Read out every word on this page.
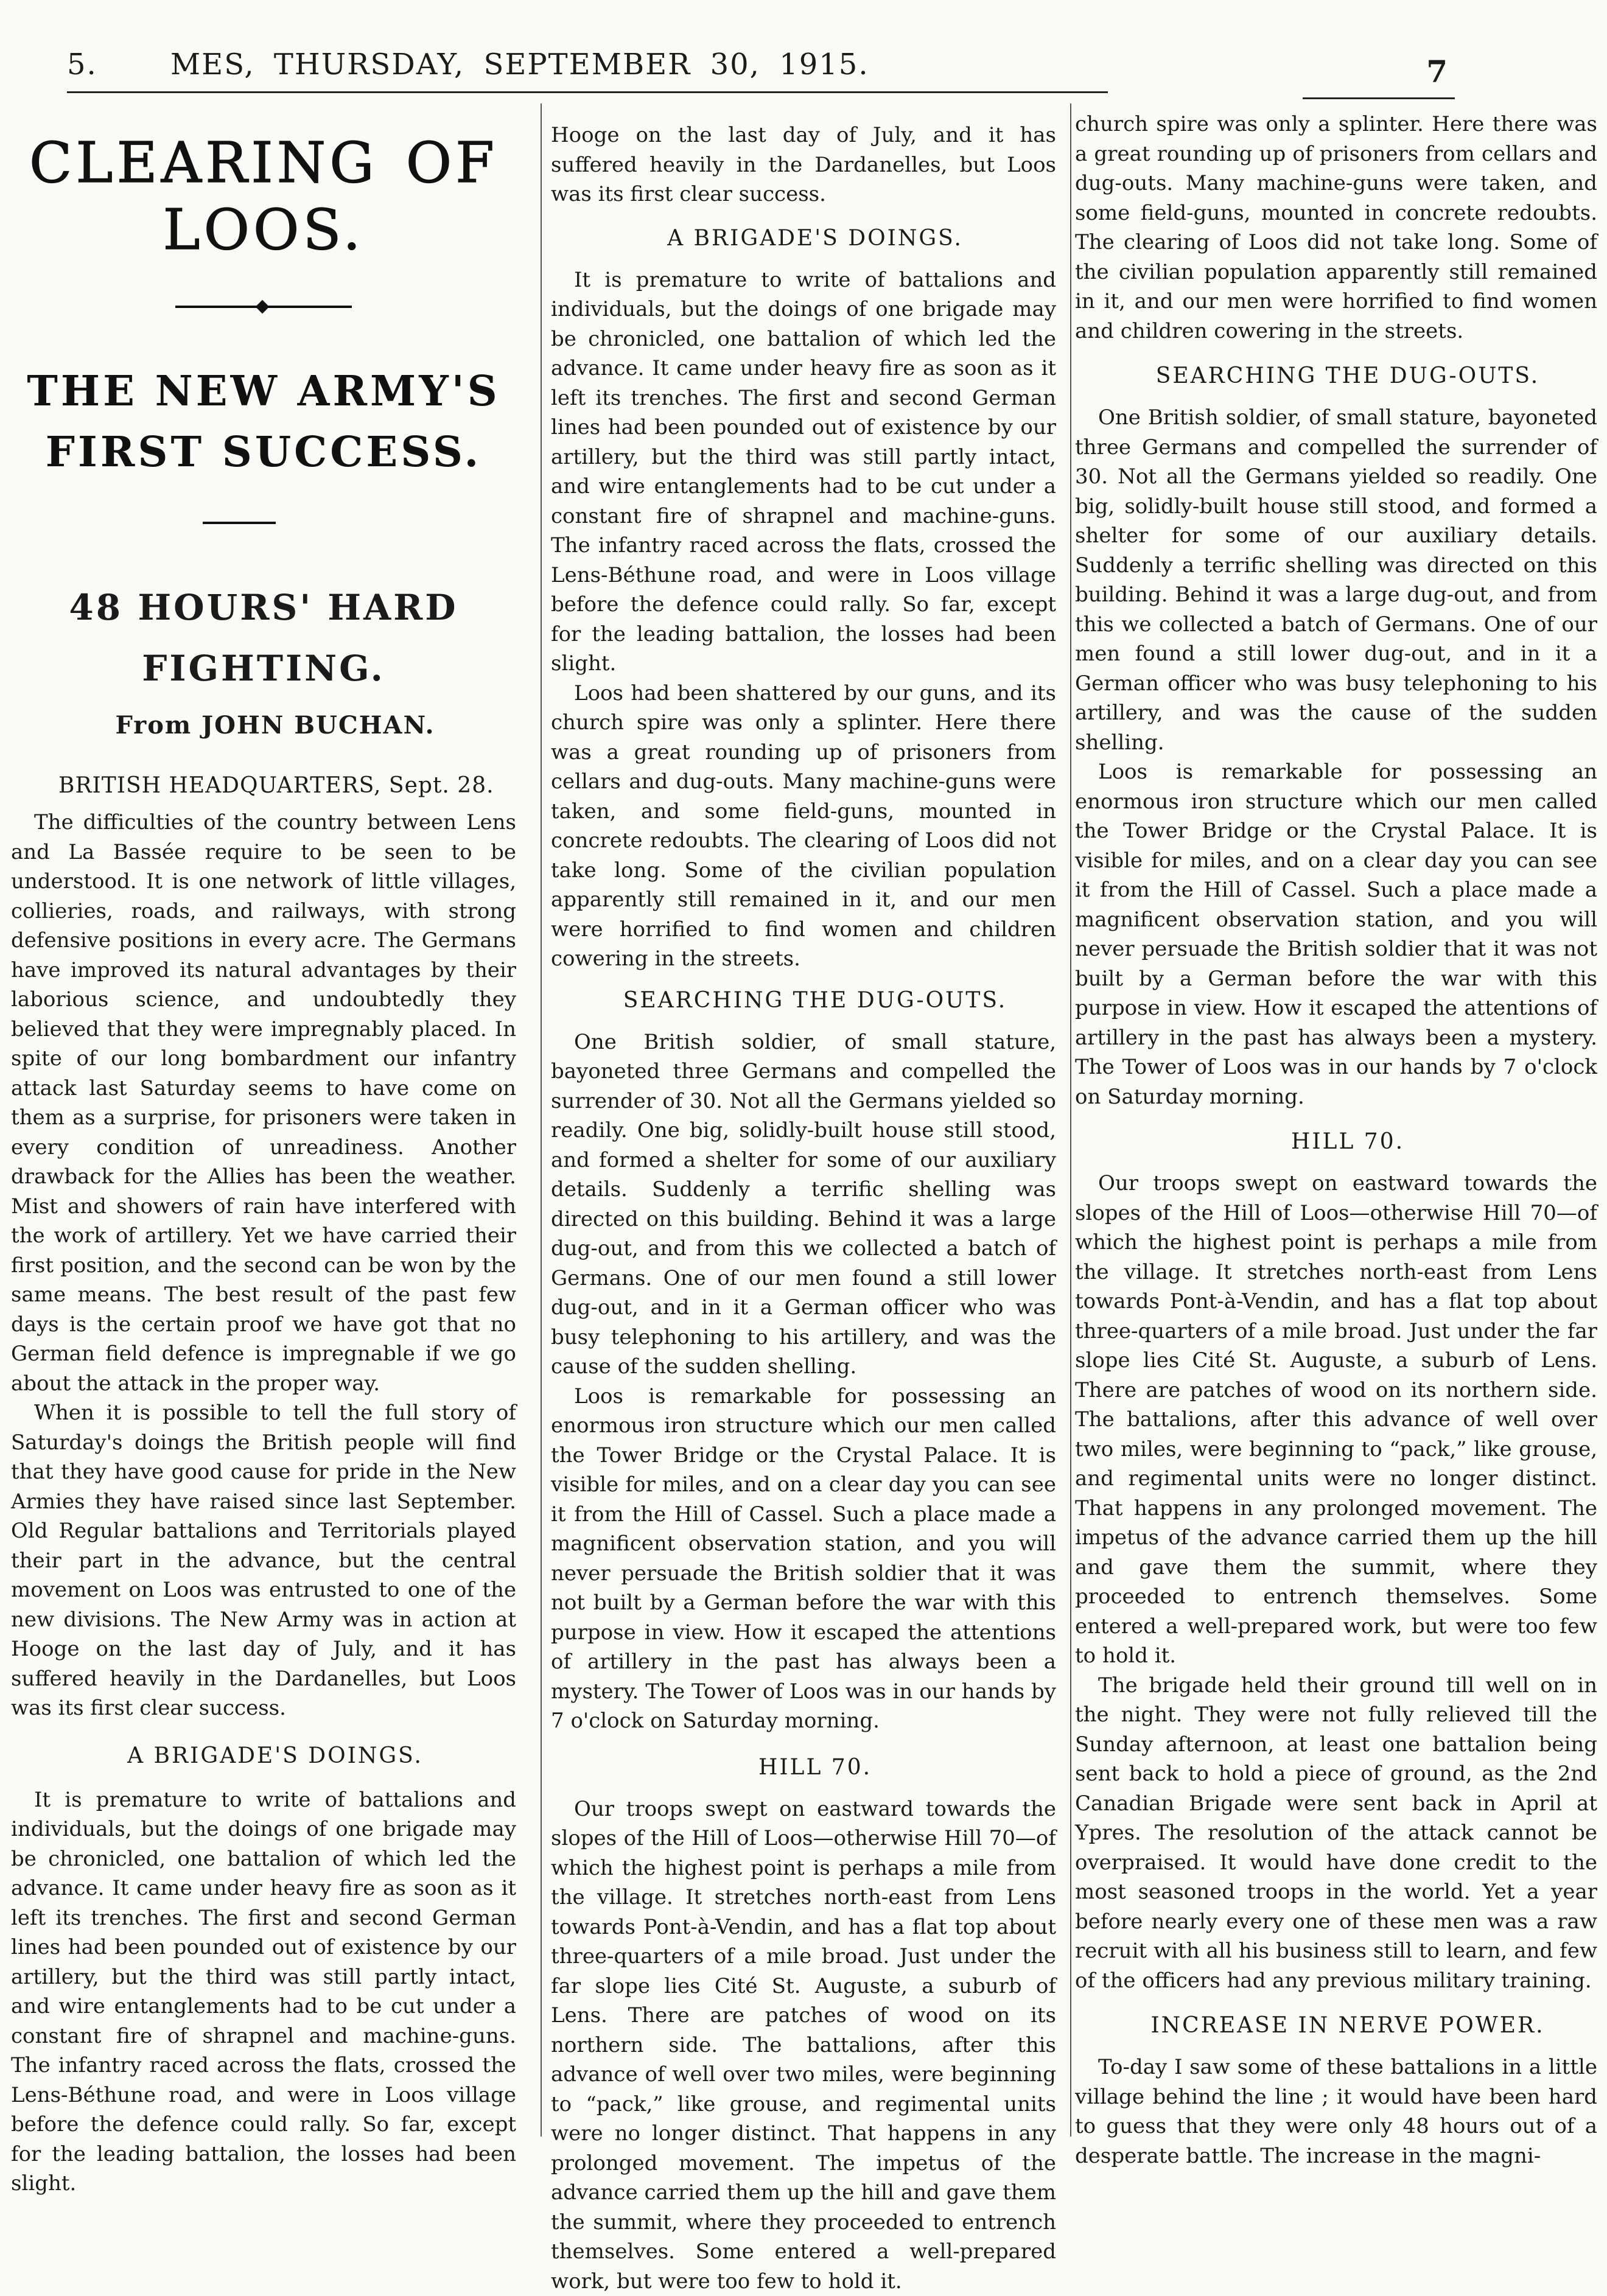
5.	MES, THURSDAY, SEPTEMBER 30, 1915.	7
CLEARING OF
LOOS.
THE NEW ARMY'S
FIRST SUCCESS.
48 HOURS' HARD
FIGHTING.

From JOHN BUCHAN.

BRITISH HEADQUARTERS, Sept. 28.

The difficulties of the country between Lens and La Bassée require to be seen to be understood. It is one network of little villages, collieries, roads, and railways, with strong defensive positions in every acre. The Germans have improved its natural advantages by their laborious science, and undoubtedly they believed that they were impregnably placed. In spite of our long bombardment our infantry attack last Saturday seems to have come on them as a surprise, for prisoners were taken in every condition of unreadiness. Another drawback for the Allies has been the weather. Mist and showers of rain have interfered with the work of artillery. Yet we have carried their first position, and the second can be won by the same means. The best result of the past few days is the certain proof we have got that no German field defence is impregnable if we go about the attack in the proper way.

When it is possible to tell the full story of Saturday's doings the British people will find that they have good cause for pride in the New Armies they have raised since last September. Old Regular battalions and Territorials played their part in the advance, but the central movement on Loos was entrusted to one of the new divisions. The New Army was in action at Hooge on the last day of July, and it has suffered heavily in the Dardanelles, but Loos was its first clear success.

A BRIGADE'S DOINGS.

It is premature to write of battalions and individuals, but the doings of one brigade may be chronicled, one battalion of which led the advance. It came under heavy fire as soon as it left its trenches. The first and second German lines had been pounded out of existence by our artillery, but the third was still partly intact, and wire entanglements had to be cut under a constant fire of shrapnel and machine-guns. The infantry raced across the flats, crossed the Lens-Béthune road, and were in Loos village before the defence could rally. So far, except for the leading battalion, the losses had been slight.

Hooge on the last day of July, and it has suffered heavily in the Dardanelles, but Loos was its first clear success.

A BRIGADE'S DOINGS.

It is premature to write of battalions and individuals, but the doings of one brigade may be chronicled, one battalion of which led the advance. It came under heavy fire as soon as it left its trenches. The first and second German lines had been pounded out of existence by our artillery, but the third was still partly intact, and wire entanglements had to be cut under a constant fire of shrapnel and machine-guns. The infantry raced across the flats, crossed the Lens-Béthune road, and were in Loos village before the defence could rally. So far, except for the leading battalion, the losses had been slight.

Loos had been shattered by our guns, and its church spire was only a splinter. Here there was a great rounding up of prisoners from cellars and dug-outs. Many machine-guns were taken, and some field-guns, mounted in concrete redoubts. The clearing of Loos did not take long. Some of the civilian population apparently still remained in it, and our men were horrified to find women and children cowering in the streets.

SEARCHING THE DUG-OUTS.

One British soldier, of small stature, bayoneted three Germans and compelled the surrender of 30. Not all the Germans yielded so readily. One big, solidly-built house still stood, and formed a shelter for some of our auxiliary details. Suddenly a terrific shelling was directed on this building. Behind it was a large dug-out, and from this we collected a batch of Germans. One of our men found a still lower dug-out, and in it a German officer who was busy telephoning to his artillery, and was the cause of the sudden shelling.

Loos is remarkable for possessing an enormous iron structure which our men called the Tower Bridge or the Crystal Palace. It is visible for miles, and on a clear day you can see it from the Hill of Cassel. Such a place made a magnificent observation station, and you will never persuade the British soldier that it was not built by a German before the war with this purpose in view. How it escaped the attentions of artillery in the past has always been a mystery. The Tower of Loos was in our hands by 7 o'clock on Saturday morning.

HILL 70.

Our troops swept on eastward towards the slopes of the Hill of Loos—otherwise Hill 70—of which the highest point is perhaps a mile from the village. It stretches north-east from Lens towards Pont-à-Vendin, and has a flat top about three-quarters of a mile broad. Just under the far slope lies Cité St. Auguste, a suburb of Lens. There are patches of wood on its northern side. The battalions, after this advance of well over two miles, were beginning to “pack,” like grouse, and regimental units were no longer distinct. That happens in any prolonged movement. The impetus of the advance carried them up the hill and gave them the summit, where they proceeded to entrench themselves. Some entered a well-prepared work, but were too few to hold it.

church spire was only a splinter. Here there was a great rounding up of prisoners from cellars and dug-outs. Many machine-guns were taken, and some field-guns, mounted in concrete redoubts. The clearing of Loos did not take long. Some of the civilian population apparently still remained in it, and our men were horrified to find women and children cowering in the streets.

SEARCHING THE DUG-OUTS.

One British soldier, of small stature, bayoneted three Germans and compelled the surrender of 30. Not all the Germans yielded so readily. One big, solidly-built house still stood, and formed a shelter for some of our auxiliary details. Suddenly a terrific shelling was directed on this building. Behind it was a large dug-out, and from this we collected a batch of Germans. One of our men found a still lower dug-out, and in it a German officer who was busy telephoning to his artillery, and was the cause of the sudden shelling.

Loos is remarkable for possessing an enormous iron structure which our men called the Tower Bridge or the Crystal Palace. It is visible for miles, and on a clear day you can see it from the Hill of Cassel. Such a place made a magnificent observation station, and you will never persuade the British soldier that it was not built by a German before the war with this purpose in view. How it escaped the attentions of artillery in the past has always been a mystery. The Tower of Loos was in our hands by 7 o'clock on Saturday morning.

HILL 70.

Our troops swept on eastward towards the slopes of the Hill of Loos—otherwise Hill 70—of which the highest point is perhaps a mile from the village. It stretches north-east from Lens towards Pont-à-Vendin, and has a flat top about three-quarters of a mile broad. Just under the far slope lies Cité St. Auguste, a suburb of Lens. There are patches of wood on its northern side. The battalions, after this advance of well over two miles, were beginning to “pack,” like grouse, and regimental units were no longer distinct. That happens in any prolonged movement. The impetus of the advance carried them up the hill and gave them the summit, where they proceeded to entrench themselves. Some entered a well-prepared work, but were too few to hold it.

The brigade held their ground till well on in the night. They were not fully relieved till the Sunday afternoon, at least one battalion being sent back to hold a piece of ground, as the 2nd Canadian Brigade were sent back in April at Ypres. The resolution of the attack cannot be overpraised. It would have done credit to the most seasoned troops in the world. Yet a year before nearly every one of these men was a raw recruit with all his business still to learn, and few of the officers had any previous military training.

INCREASE IN NERVE POWER.

To-day I saw some of these battalions in a little village behind the line ; it would have been hard to guess that they were only 48 hours out of a desperate battle. The increase in the magni-
